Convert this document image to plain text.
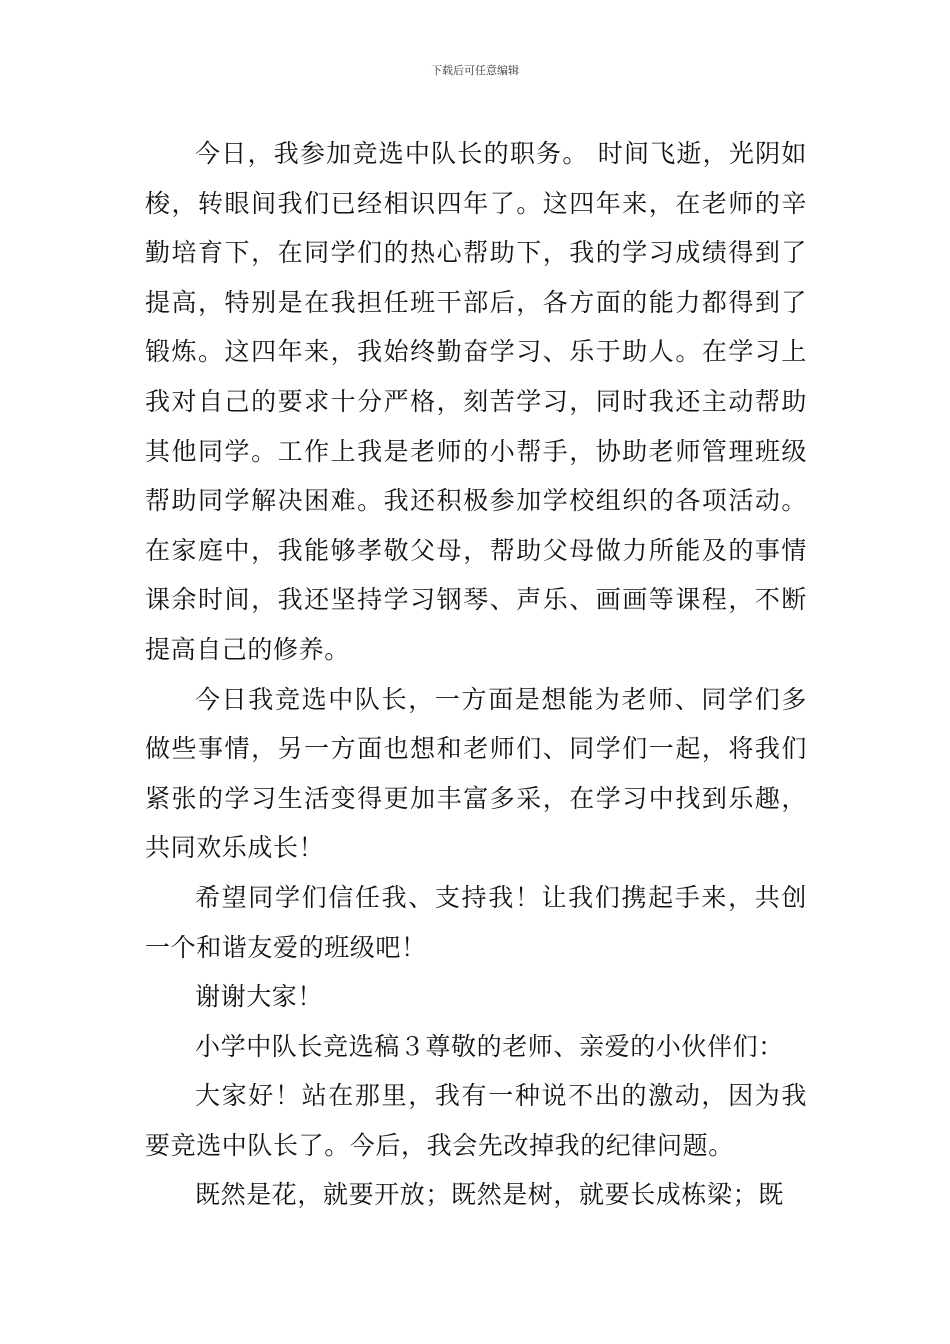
下载后可任意编辑

今日，我参加竞选中队长的职务。 时间飞逝，光阴如梭，转眼间我们已经相识四年了。这四年来，在老师的辛勤培育下，在同学们的热心帮助下，我的学习成绩得到了提高，特别是在我担任班干部后，各方面的能力都得到了锻炼。这四年来，我始终勤奋学习、乐于助人。在学习上我对自己的要求十分严格，刻苦学习，同时我还主动帮助其他同学。工作上我是老师的小帮手，协助老师管理班级帮助同学解决困难。我还积极参加学校组织的各项活动。在家庭中，我能够孝敬父母，帮助父母做力所能及的事情课余时间，我还坚持学习钢琴、声乐、画画等课程，不断提高自己的修养。

今日我竞选中队长，一方面是想能为老师、同学们多做些事情，另一方面也想和老师们、同学们一起，将我们紧张的学习生活变得更加丰富多采，在学习中找到乐趣，共同欢乐成长！

希望同学们信任我、支持我！让我们携起手来，共创一个和谐友爱的班级吧！

谢谢大家！

小学中队长竞选稿３尊敬的老师、亲爱的小伙伴们：

大家好！站在那里，我有一种说不出的激动，因为我要竞选中队长了。今后，我会先改掉我的纪律问题。

既然是花，就要开放；既然是树，就要长成栋梁；既
